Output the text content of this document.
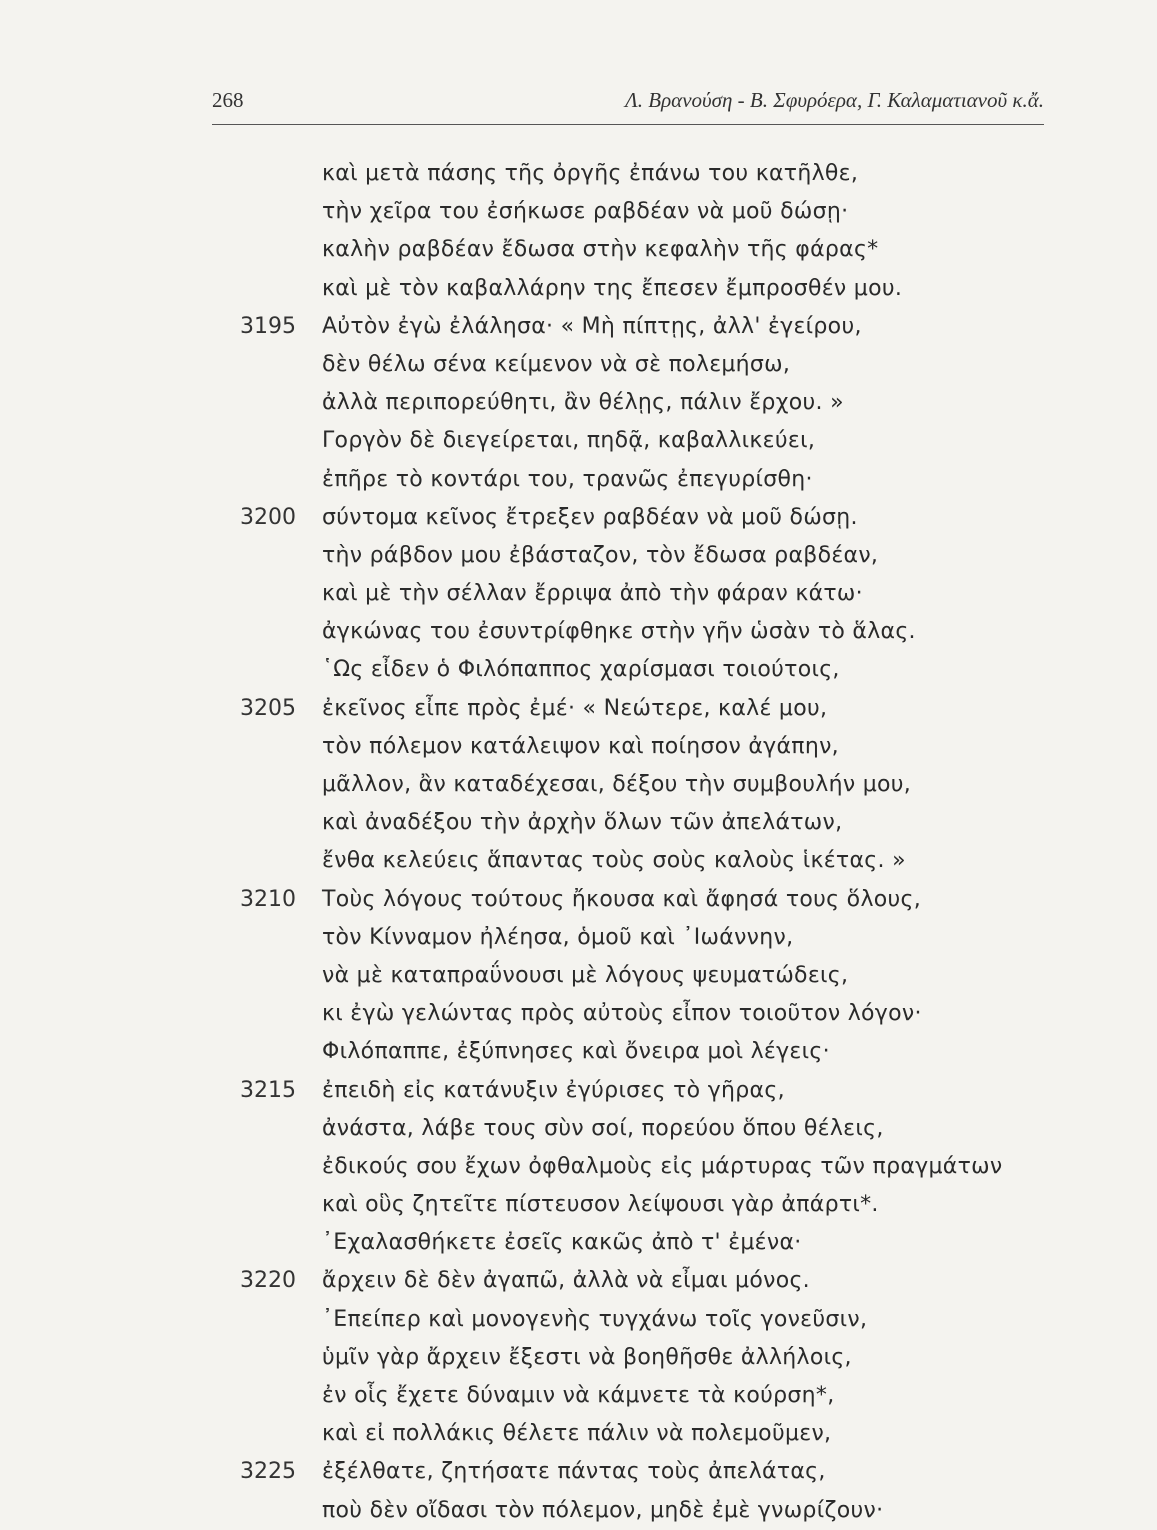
268	Λ. Βρανούση - Β. Σφυρόερα, Γ. Καλαματιανοῦ κ.ἄ.
καὶ μετὰ πάσης τῆς ὀργῆς ἐπάνω του κατῆλθε,
τὴν χεῖρα του ἐσήκωσε ραβδέαν νὰ μοῦ δώσῃ·
καλὴν ραβδέαν ἔδωσα στὴν κεφαλὴν τῆς φάρας*
καὶ μὲ τὸν καβαλλάρην της ἔπεσεν ἔμπροσθέν μου.
3195	Αὐτὸν ἐγὼ ἐλάλησα· « Μὴ πίπτῃς, ἀλλ' ἐγείρου,
δὲν θέλω σένα κείμενον νὰ σὲ πολεμήσω,
ἀλλὰ περιπορεύθητι, ἂν θέλῃς, πάλιν ἔρχου. »
Γοργὸν δὲ διεγείρεται, πηδᾷ, καβαλλικεύει,
ἐπῆρε τὸ κοντάρι του, τρανῶς ἐπεγυρίσθη·
3200	σύντομα κεῖνος ἔτρεξεν ραβδέαν νὰ μοῦ δώσῃ.
τὴν ράβδον μου ἐβάσταζον, τὸν ἔδωσα ραβδέαν,
καὶ μὲ τὴν σέλλαν ἔρριψα ἀπὸ τὴν φάραν κάτω·
ἀγκώνας του ἐσυντρίφθηκε στὴν γῆν ὡσὰν τὸ ἅλας.
῾Ως εἶδεν ὁ Φιλόπαππος χαρίσμασι τοιούτοις,
3205	ἐκεῖνος εἶπε πρὸς ἐμέ· « Νεώτερε, καλέ μου,
τὸν πόλεμον κατάλειψον καὶ ποίησον ἀγάπην,
μᾶλλον, ἂν καταδέχεσαι, δέξου τὴν συμβουλήν μου,
καὶ ἀναδέξου τὴν ἀρχὴν ὅλων τῶν ἀπελάτων,
ἔνθα κελεύεις ἅπαντας τοὺς σοὺς καλοὺς ἱκέτας. »
3210	Τοὺς λόγους τούτους ἤκουσα καὶ ἄφησά τους ὅλους,
τὸν Κίνναμον ἠλέησα, ὁμοῦ καὶ ᾿Ιωάννην,
νὰ μὲ καταπραΰνουσι μὲ λόγους ψευματώδεις,
κι ἐγὼ γελώντας πρὸς αὐτοὺς εἶπον τοιοῦτον λόγον·
Φιλόπαππε, ἐξύπνησες καὶ ὄνειρα μοὶ λέγεις·
3215	ἐπειδὴ εἰς κατάνυξιν ἐγύρισες τὸ γῆρας,
ἀνάστα, λάβε τους σὺν σοί, πορεύου ὅπου θέλεις,
ἐδικούς σου ἔχων ὀφθαλμοὺς εἰς μάρτυρας τῶν πραγμάτων
καὶ οὓς ζητεῖτε πίστευσον λείψουσι γὰρ ἀπάρτι*.
᾿Εχαλασθήκετε ἐσεῖς κακῶς ἀπὸ τ' ἐμένα·
3220	ἄρχειν δὲ δὲν ἀγαπῶ, ἀλλὰ νὰ εἶμαι μόνος.
᾿Επείπερ καὶ μονογενὴς τυγχάνω τοῖς γονεῦσιν,
ὑμῖν γὰρ ἄρχειν ἔξεστι νὰ βοηθῆσθε ἀλλήλοις,
ἐν οἷς ἔχετε δύναμιν νὰ κάμνετε τὰ κούρση*,
καὶ εἰ πολλάκις θέλετε πάλιν νὰ πολεμοῦμεν,
3225	ἐξέλθατε, ζητήσατε πάντας τοὺς ἀπελάτας,
ποὺ δὲν οἴδασι τὸν πόλεμον, μηδὲ ἐμὲ γνωρίζουν·
